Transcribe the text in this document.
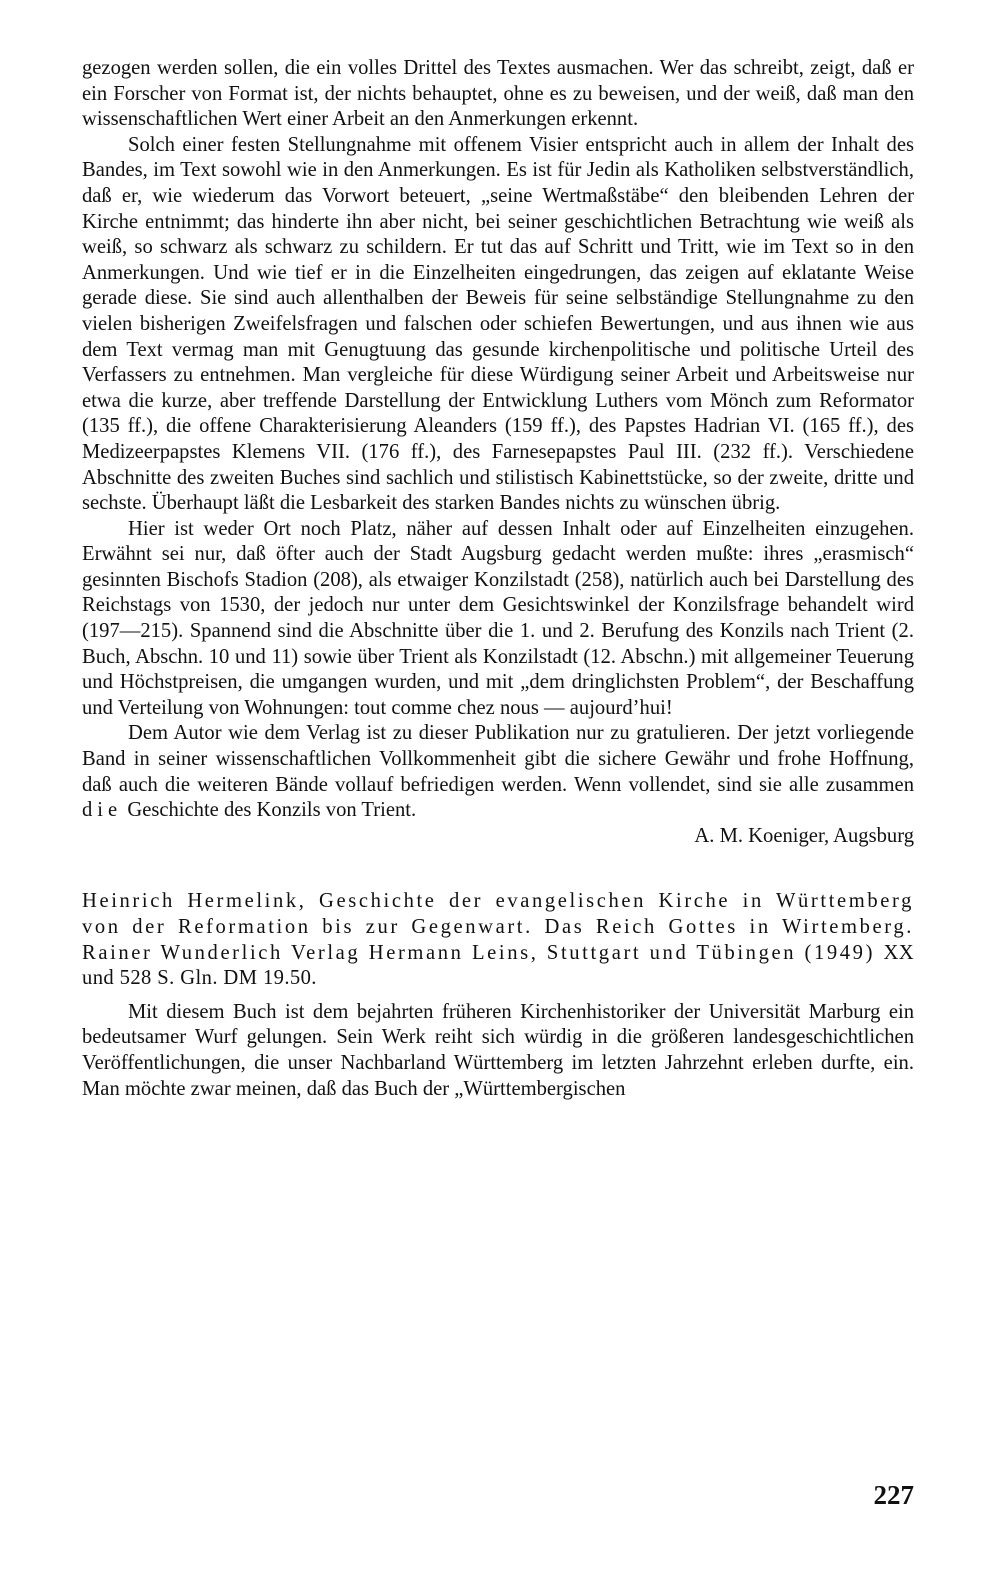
gezogen werden sollen, die ein volles Drittel des Textes ausmachen. Wer das schreibt, zeigt, daß er ein Forscher von Format ist, der nichts behauptet, ohne es zu beweisen, und der weiß, daß man den wissenschaftlichen Wert einer Arbeit an den Anmerkungen erkennt.

Solch einer festen Stellungnahme mit offenem Visier entspricht auch in allem der Inhalt des Bandes, im Text sowohl wie in den Anmerkungen. Es ist für Jedin als Katholiken selbstverständlich, daß er, wie wiederum das Vorwort beteuert, „seine Wertmaßstäbe“ den bleibenden Lehren der Kirche entnimmt; das hinderte ihn aber nicht, bei seiner geschichtlichen Betrachtung wie weiß als weiß, so schwarz als schwarz zu schildern. Er tut das auf Schritt und Tritt, wie im Text so in den Anmerkungen. Und wie tief er in die Einzelheiten eingedrungen, das zeigen auf eklatante Weise gerade diese. Sie sind auch allenthalben der Beweis für seine selbständige Stellungnahme zu den vielen bisherigen Zweifelsfragen und falschen oder schiefen Bewertungen, und aus ihnen wie aus dem Text vermag man mit Genugtuung das gesunde kirchenpolitische und politische Urteil des Verfassers zu entnehmen. Man vergleiche für diese Würdigung seiner Arbeit und Arbeitsweise nur etwa die kurze, aber treffende Darstellung der Entwicklung Luthers vom Mönch zum Reformator (135 ff.), die offene Charakterisierung Aleanders (159 ff.), des Papstes Hadrian VI. (165 ff.), des Medizeerpapstes Klemens VII. (176 ff.), des Farnesepapstes Paul III. (232 ff.). Verschiedene Abschnitte des zweiten Buches sind sachlich und stilistisch Kabinettstücke, so der zweite, dritte und sechste. Überhaupt läßt die Lesbarkeit des starken Bandes nichts zu wünschen übrig.

Hier ist weder Ort noch Platz, näher auf dessen Inhalt oder auf Einzelheiten einzugehen. Erwähnt sei nur, daß öfter auch der Stadt Augsburg gedacht werden mußte: ihres „erasmisch“ gesinnten Bischofs Stadion (208), als etwaiger Konzilstadt (258), natürlich auch bei Darstellung des Reichstags von 1530, der jedoch nur unter dem Gesichtswinkel der Konzilsfrage behandelt wird (197—215). Spannend sind die Abschnitte über die 1. und 2. Berufung des Konzils nach Trient (2. Buch, Abschn. 10 und 11) sowie über Trient als Konzilstadt (12. Abschn.) mit allgemeiner Teuerung und Höchstpreisen, die umgangen wurden, und mit „dem dringlichsten Problem“, der Beschaffung und Verteilung von Wohnungen: tout comme chez nous — aujourd’hui!

Dem Autor wie dem Verlag ist zu dieser Publikation nur zu gratulieren. Der jetzt vorliegende Band in seiner wissenschaftlichen Vollkommenheit gibt die sichere Gewähr und frohe Hoffnung, daß auch die weiteren Bände vollauf befriedigen werden. Wenn vollendet, sind sie alle zusammen die Geschichte des Konzils von Trient.

A. M. Koeniger, Augsburg

Heinrich Hermelink, Geschichte der evangelischen Kirche in Württemberg von der Reformation bis zur Gegenwart. Das Reich Gottes in Wirtemberg. Rainer Wunderlich Verlag Hermann Leins, Stuttgart und Tübingen (1949) XX und 528 S. Gln. DM 19.50.

Mit diesem Buch ist dem bejahrten früheren Kirchenhistoriker der Universität Marburg ein bedeutsamer Wurf gelungen. Sein Werk reiht sich würdig in die größeren landesgeschichtlichen Veröffentlichungen, die unser Nachbarland Württemberg im letzten Jahrzehnt erleben durfte, ein. Man möchte zwar meinen, daß das Buch der „Württembergischen

227
